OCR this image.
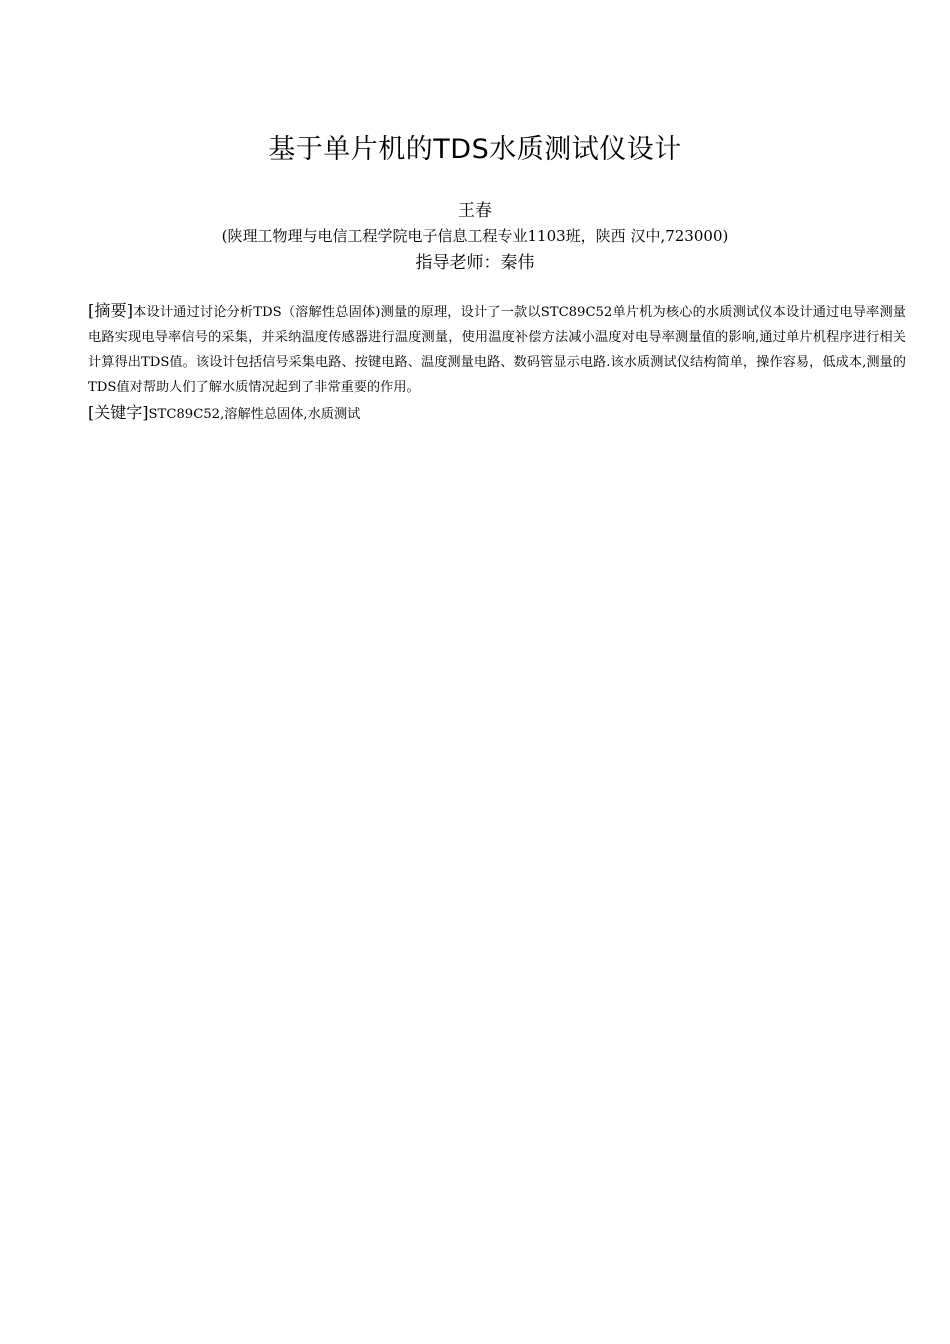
基于单片机的TDS水质测试仪设计
王春
(陕理工物理与电信工程学院电子信息工程专业1103班，陕西 汉中,723000)
指导老师：秦伟

[摘要]本设计通过讨论分析TDS（溶解性总固体)测量的原理，设计了一款以STC89C52单片机为核心的水质测试仪本设计通过电导率测量电路实现电导率信号的采集，并采纳温度传感器进行温度测量，使用温度补偿方法减小温度对电导率测量值的影响,通过单片机程序进行相关计算得出TDS值。该设计包括信号采集电路、按键电路、温度测量电路、数码管显示电路.该水质测试仪结构简单，操作容易，低成本,测量的TDS值对帮助人们了解水质情况起到了非常重要的作用。

[关键字]STC89C52,溶解性总固体,水质测试
